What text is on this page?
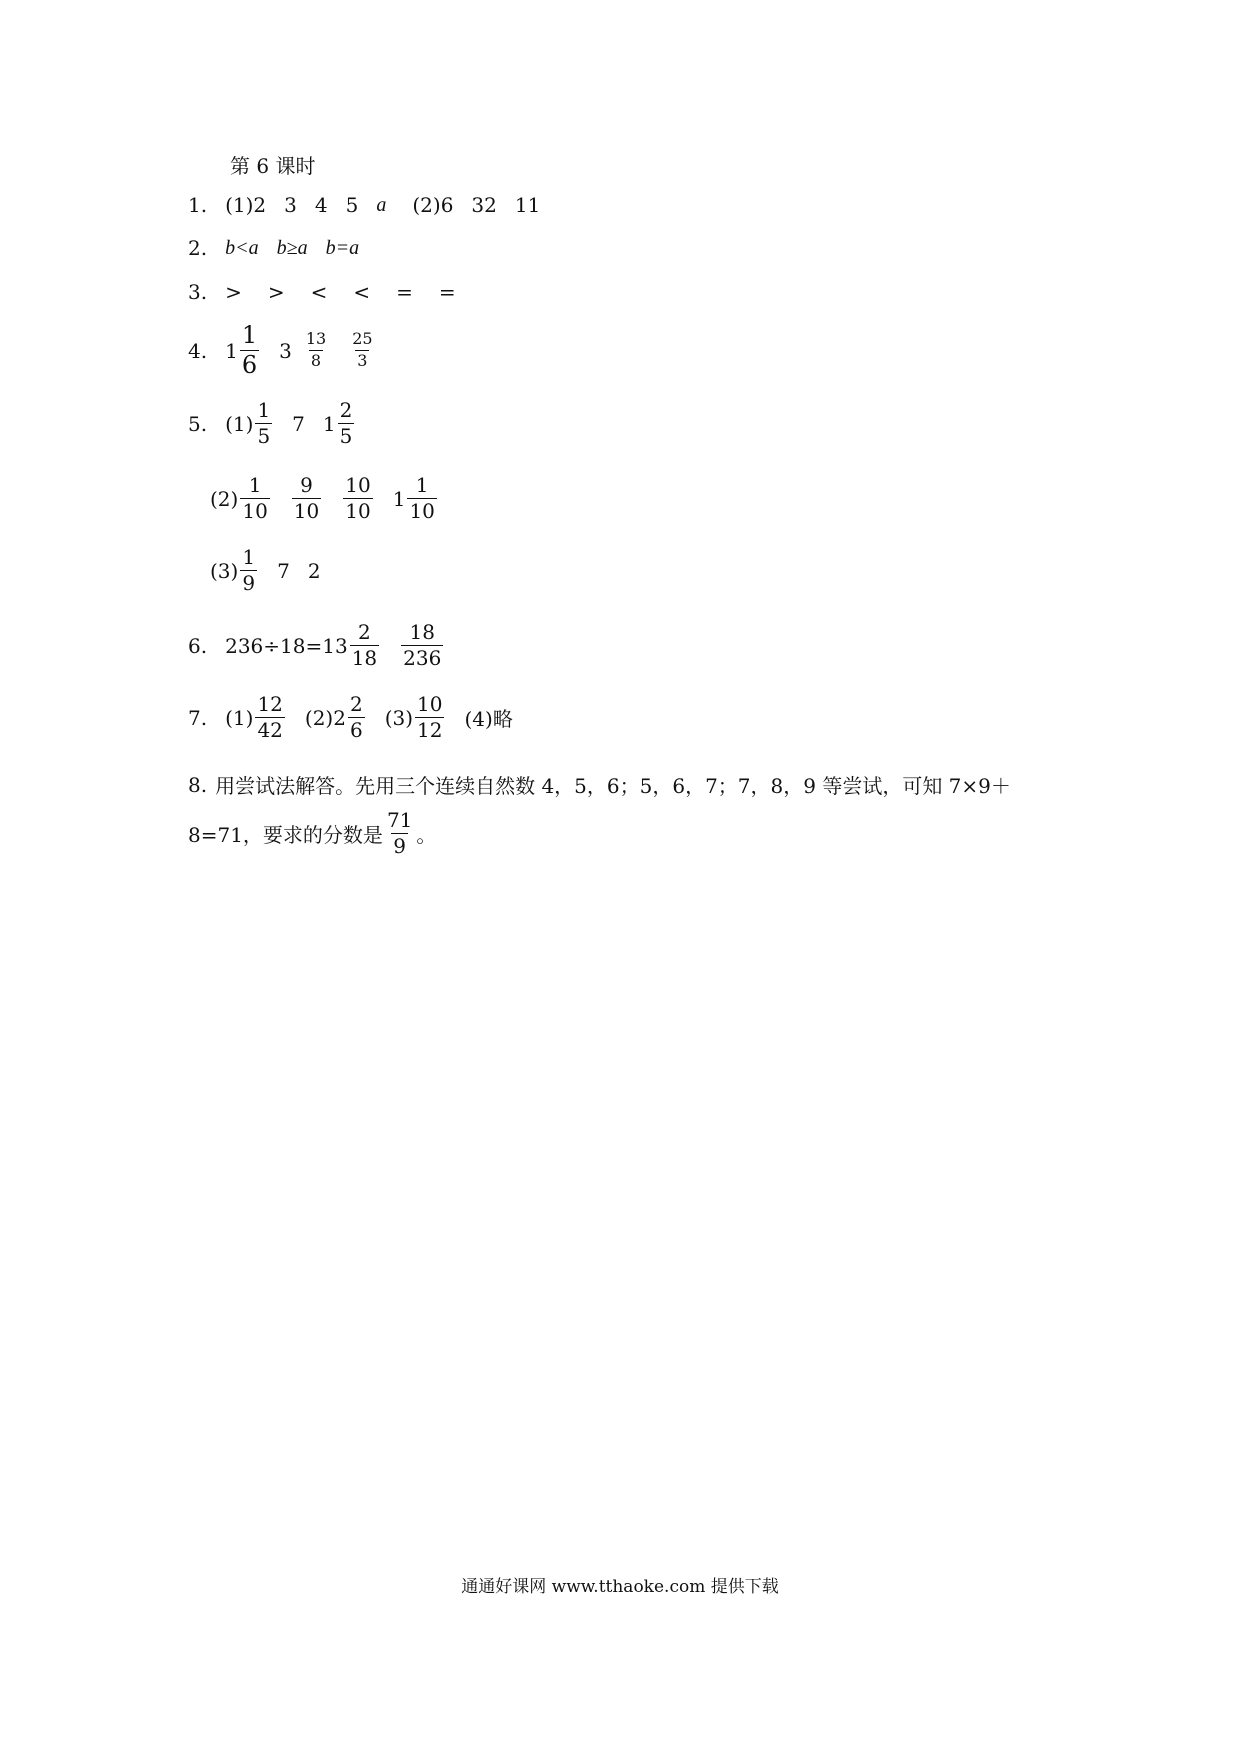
第 6 课时
1. (1)2 3 4 5 a (2)6 32 11
2. b<a b≥a b=a
3. > > < < = =
4. $1 \frac{1}{6} 3 \frac{13}{8} \frac{25}{3}$
5. $(1) \frac{1}{5} 7$ $1 \frac{2}{5}$
$(2) \frac{1}{10} \frac{9}{10} \frac{10}{10} 1 \frac{1}{10}$
$(3) \frac{1}{9} 7$ 2
6. $236\div 18=13 \frac{2}{18} \frac{18}{236}$
7. $(1) \frac{12}{42} (2)2 \frac{2}{6} (3) \frac{10}{12} (4)$略
8. 用尝试法解答。先用三个连续自然数 4，5，6；5，6，7；7，8，9 等尝试，可知 7×9＋
8=71，要求的分数是 $\frac{71}{9}$ 。
通通好课网 www.tthaoke.com 提供下载
